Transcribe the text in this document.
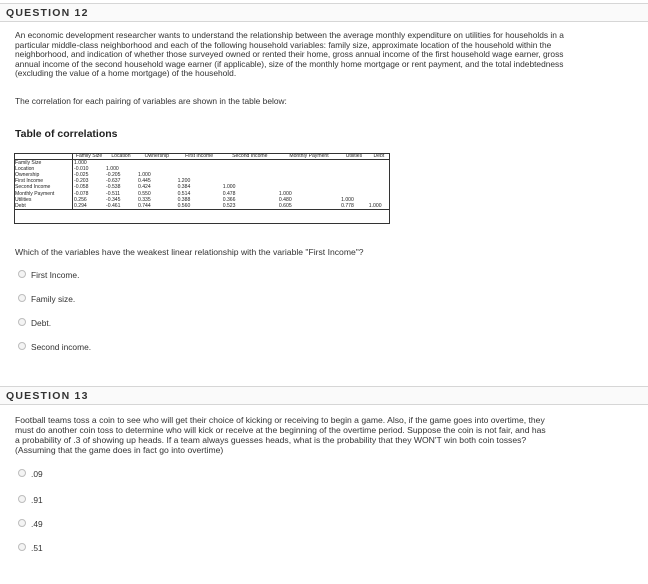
QUESTION 12
An economic development researcher wants to understand the relationship between the average monthly expenditure on utilities for households in a
particular middle-class neighborhood and each of the following household variables: family size, approximate location of the household within the
neighborhood, and indication of whether those surveyed owned or rented their home, gross annual income of the first household wage earner, gross
annual income of the second household wage earner (if applicable), size of the monthly home mortgage or rent payment, and the total indebtedness
(excluding the value of a home mortgage) of the household.
The correlation for each pairing of variables are shown in the table below:
Table of correlations
	Family Size	Location	Ownership	First Income	Second Income	Monthly Payment	Utilities	Debt
Family Size	1.000							
Location	-0.010	1.000						
Ownership	-0.025	-0.205	1.000					
First Income	-0.203	-0.637	0.445	1.200				
Second Income	-0.058	-0.538	0.424	0.384	1.000			
Monthly Payment	-0.078	-0.511	0.550	0.514	0.478	1.000		
Utilities	0.256	-0.345	0.335	0.388	0.366	0.480	1.000	
Debt	0.294	-0.461	0.744	0.560	0.523	0.605	0.778	1.000
Which of the variables have the weakest linear relationship with the variable "First Income"?
First Income.
Family size.
Debt.
Second income.
QUESTION 13
Football teams toss a coin to see who will get their choice of kicking or receiving to begin a game. Also, if the game goes into overtime, they
must do another coin toss to determine who will kick or receive at the beginning of the overtime period. Suppose the coin is not fair, and has
a probability of .3 of showing up heads. If a team always guesses heads, what is the probability that they WON'T win both coin tosses?
(Assuming that the game does in fact go into overtime)
.09
.91
.49
.51
